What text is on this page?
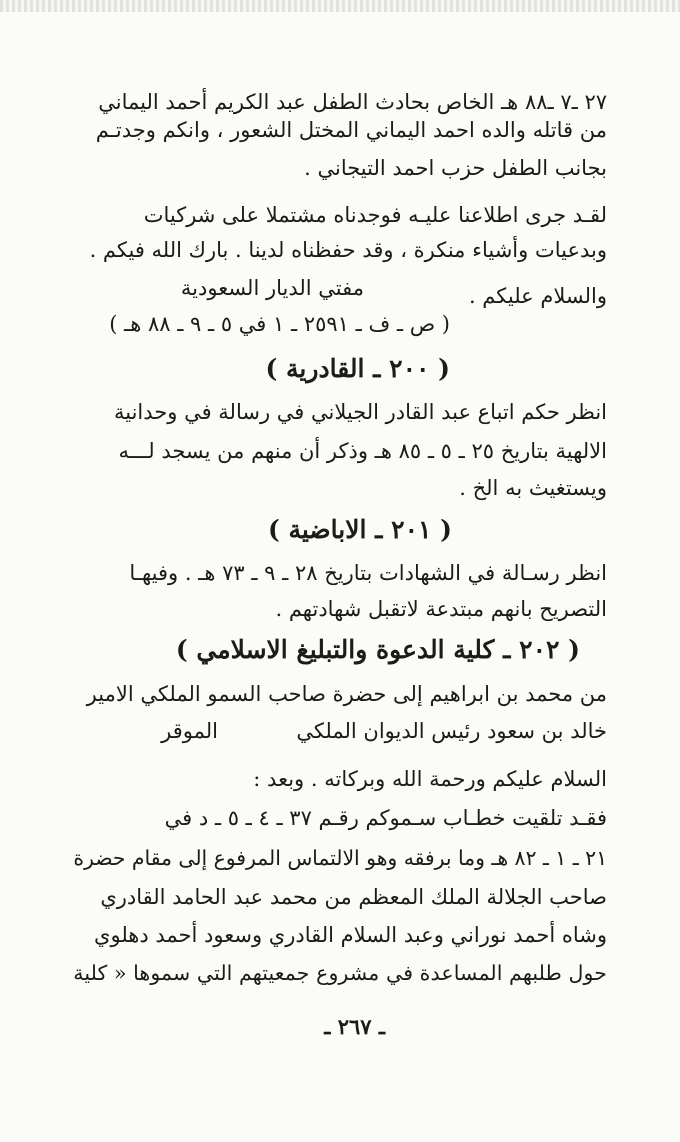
٢٧ ـ٧ ـ٨٨ هـ الخاص بحادث الطفل عبد الكريم أحمد اليماني

من قاتله والده احمد اليماني المختل الشعور ، وانكم وجدتـم

بجانب الطفل حزب احمد التيجاني .

لقـد جرى اطلاعنا عليـه فوجدناه مشتملا على شركيات

وبدعيات وأشياء منكرة ، وقد حفظناه لدينا . بارك الله فيكم .

والسلام عليكم .

مفتي الديار السعودية

( ص ـ ف ـ ٢٥٩١ ـ ١ في ٥ ـ ٩ ـ ٨٨ هـ )

( ٢٠٠ ـ القادرية )

انظر حكم اتباع عبد القادر الجيلاني في رسالة في وحدانية

الالهية بتاريخ ٢٥ ـ ٥ ـ ٨٥ هـ وذكر أن منهم من يسجد لـــه

ويستغيث به الخ .

( ٢٠١ ـ الاباضية )

انظر رسـالة في الشهادات بتاريخ ٢٨ ـ ٩ ـ ٧٣ هـ . وفيهـا

التصريح بانهم مبتدعة لاتقبل شهادتهم .

( ٢٠٢ ـ كلية الدعوة والتبليغ الاسلامي )

من محمد بن ابراهيم إلى حضرة صاحب السمو الملكي الامير

خالد بن سعود رئيس الديوان الملكي

الموقر

السلام عليكم ورحمة الله وبركاته . وبعد :

فقـد تلقيت خطـاب سـموكم رقـم ٣٧ ـ ٤ ـ ٥ ـ د في

٢١ ـ ١ ـ ٨٢ هـ وما برفقه وهو الالتماس المرفوع إلى مقام حضرة

صاحب الجلالة الملك المعظم من محمد عبد الحامد القادري

وشاه أحمد نوراني وعبد السلام القادري وسعود أحمد دهلوي

حول طلبهم المساعدة في مشروع جمعيتهم التي سموها « كلية

ـ ٢٦٧ ـ
